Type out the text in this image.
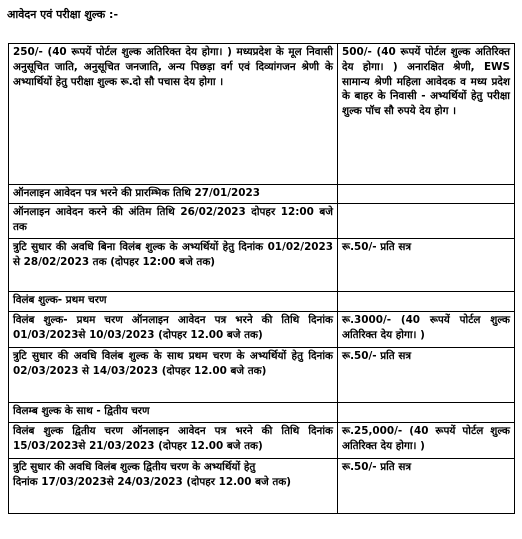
आवेदन एवं परीक्षा शुल्क :-
250/- (40 रूपयें पोर्टल शुल्क अतिरिक्त देय होगा। ) मध्यप्रदेश के मूल निवासी अनुसूचित जाति, अनुसूचित जनजाति, अन्य पिछड़ा वर्ग एवं दिव्यांगजन श्रेणी के अभ्यार्थियों हेतु परीक्षा शुल्क रू.दो सौ पचास देय होगा ।	500/- (40 रूपयें पोर्टल शुल्क अतिरिक्त देय होगा। ) अनारक्षित श्रेणी, EWS सामान्य श्रेणी महिला आवेदक व मध्य प्रदेश के बाहर के निवासी - अभ्यर्थियों हेतु परीक्षा शुल्क पॉच सौ रुपये देय होग ।
ऑनलाइन आवेदन पत्र भरने की प्रारम्भिक तिथि 27/01/2023	
ऑनलाइन आवेदन करने की अंतिम तिथि 26/02/2023 दोपहर 12:00 बजे तक	
त्रुटि सुधार की अवधि बिना विलंब शुल्क के अभ्यर्थियों हेतु दिनांक 01/02/2023 से 28/02/2023 तक (दोपहर 12:00 बजे तक)	रू.50/- प्रति सत्र
विलंब शुल्क- प्रथम चरण	
विलंब शुल्क- प्रथम चरण ऑनलाइन आवेदन पत्र भरने की तिथि दिनांक 01/03/2023से 10/03/2023 (दोपहर 12.00 बजे तक)	रू.3000/- (40 रूपयें पोर्टल शुल्क अतिरिक्त देय होगा। )
त्रुटि सुधार की अवधि विलंब शुल्क के साथ प्रथम चरण के अभ्यर्थियों हेतु दिनांक 02/03/2023 से 14/03/2023 (दोपहर 12.00 बजे तक)	रू.50/- प्रति सत्र
विलम्ब शुल्क के साथ - द्वितीय चरण	
विलंब शुल्क द्वितीय चरण ऑनलाइन आवेदन पत्र भरने की तिथि दिनांक 15/03/2023से 21/03/2023 (दोपहर 12.00 बजे तक)	रू.25,000/- (40 रूपयें पोर्टल शुल्क अतिरिक्त देय होगा। )

त्रुटि सुधार की अवधि विलंब शुल्क द्वितीय चरण के अभ्यर्थियों हेतु
दिनांक 17/03/2023से 24/03/2023 (दोपहर 12.00 बजे तक)	रू.50/- प्रति सत्र
